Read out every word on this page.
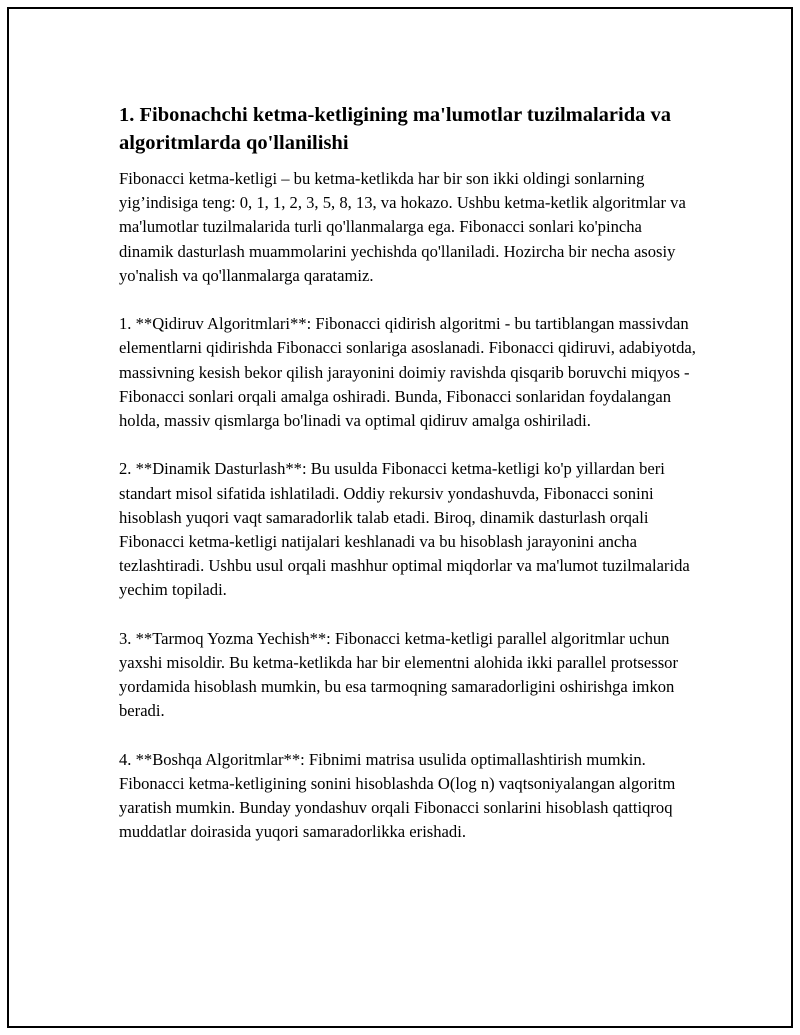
1. Fibonachchi ketma-ketligining ma'lumotlar tuzilmalarida va algoritmlarda qo'llanilishi

Fibonacci ketma-ketligi – bu ketma-ketlikda har bir son ikki oldingi sonlarning yig’indisiga teng: 0, 1, 1, 2, 3, 5, 8, 13, va hokazo. Ushbu ketma-ketlik algoritmlar va ma'lumotlar tuzilmalarida turli qo'llanmalarga ega. Fibonacci sonlari ko'pincha dinamik dasturlash muammolarini yechishda qo'llaniladi. Hozircha bir necha asosiy yo'nalish va qo'llanmalarga qaratamiz.

1. **Qidiruv Algoritmlari**: Fibonacci qidirish algoritmi - bu tartiblangan massivdan elementlarni qidirishda Fibonacci sonlariga asoslanadi. Fibonacci qidiruvi, adabiyotda, massivning kesish bekor qilish jarayonini doimiy ravishda qisqarib boruvchi miqyos - Fibonacci sonlari orqali amalga oshiradi. Bunda, Fibonacci sonlaridan foydalangan holda, massiv qismlarga bo'linadi va optimal qidiruv amalga oshiriladi.

2. **Dinamik Dasturlash**: Bu usulda Fibonacci ketma-ketligi ko'p yillardan beri standart misol sifatida ishlatiladi. Oddiy rekursiv yondashuvda, Fibonacci sonini hisoblash yuqori vaqt samaradorlik talab etadi. Biroq, dinamik dasturlash orqali Fibonacci ketma-ketligi natijalari keshlanadi va bu hisoblash jarayonini ancha tezlashtiradi. Ushbu usul orqali mashhur optimal miqdorlar va ma'lumot tuzilmalarida yechim topiladi.

3. **Tarmoq Yozma Yechish**: Fibonacci ketma-ketligi parallel algoritmlar uchun yaxshi misoldir. Bu ketma-ketlikda har bir elementni alohida ikki parallel protsessor yordamida hisoblash mumkin, bu esa tarmoqning samaradorligini oshirishga imkon beradi.

4. **Boshqa Algoritmlar**: Fibnimi matrisa usulida optimallashtirish mumkin. Fibonacci ketma-ketligining sonini hisoblashda O(log n) vaqtsoniyalangan algoritm yaratish mumkin. Bunday yondashuv orqali Fibonacci sonlarini hisoblash qattiqroq muddatlar doirasida yuqori samaradorlikka erishadi.
